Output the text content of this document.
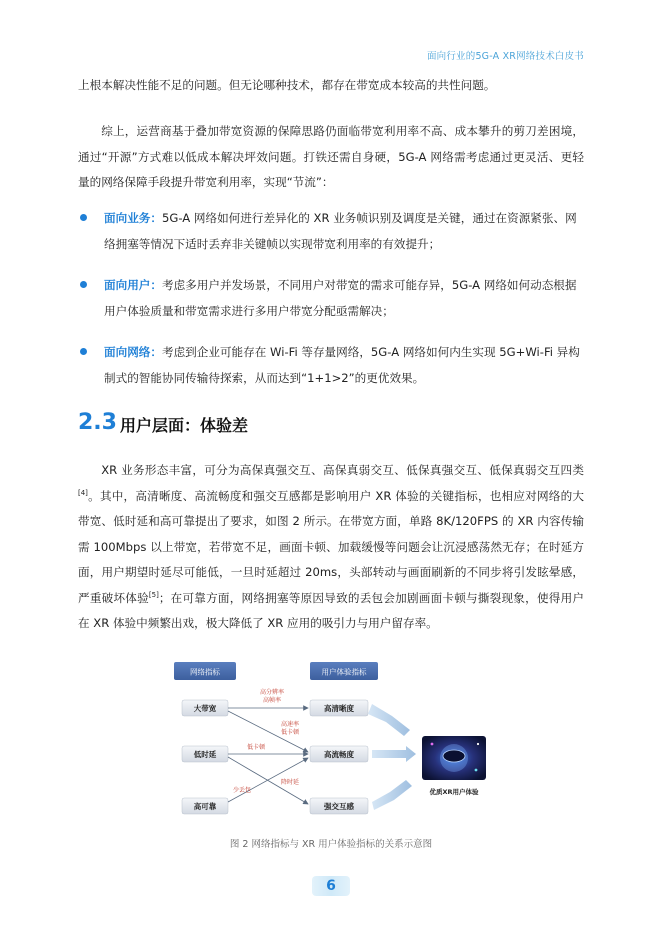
面向行业的5G-A XR网络技术白皮书

上根本解决性能不足的问题。但无论哪种技术，都存在带宽成本较高的共性问题。

综上，运营商基于叠加带宽资源的保障思路仍面临带宽利用率不高、成本攀升的剪刀差困境，通过“开源”方式难以低成本解决坪效问题。打铁还需自身硬，5G-A 网络需考虑通过更灵活、更轻量的网络保障手段提升带宽利用率，实现“节流”：

面向业务：5G-A 网络如何进行差异化的 XR 业务帧识别及调度是关键，通过在资源紧张、网络拥塞等情况下适时丢弃非关键帧以实现带宽利用率的有效提升；

面向用户：考虑多用户并发场景，不同用户对带宽的需求可能存异，5G-A 网络如何动态根据用户体验质量和带宽需求进行多用户带宽分配亟需解决；

面向网络：考虑到企业可能存在 Wi-Fi 等存量网络，5G-A 网络如何内生实现 5G+Wi-Fi 异构制式的智能协同传输待探索，从而达到“1+1>2”的更优效果。

2.3 用户层面：体验差

XR 业务形态丰富，可分为高保真强交互、高保真弱交互、低保真强交互、低保真弱交互四类[4]。其中，高清晰度、高流畅度和强交互感都是影响用户 XR 体验的关键指标，也相应对网络的大带宽、低时延和高可靠提出了要求，如图 2 所示。在带宽方面，单路 8K/120FPS 的 XR 内容传输需 100Mbps 以上带宽，若带宽不足，画面卡顿、加载缓慢等问题会让沉浸感荡然无存；在时延方面，用户期望时延尽可能低，一旦时延超过 20ms，头部转动与画面刷新的不同步将引发眩晕感，严重破坏体验[5]；在可靠方面，网络拥塞等原因导致的丢包会加剧画面卡顿与撕裂现象，使得用户在 XR 体验中频繁出戏，极大降低了 XR 应用的吸引力与用户留存率。

网络指标	用户体验指标
大带宽
低时延
高可靠
高清晰度
高流畅度
强交互感
高分辨率
高帧率
高速率
低卡顿
低卡顿
少丢包
降时延
优质XR用户体验
图 2 网络指标与 XR 用户体验指标的关系示意图
6
